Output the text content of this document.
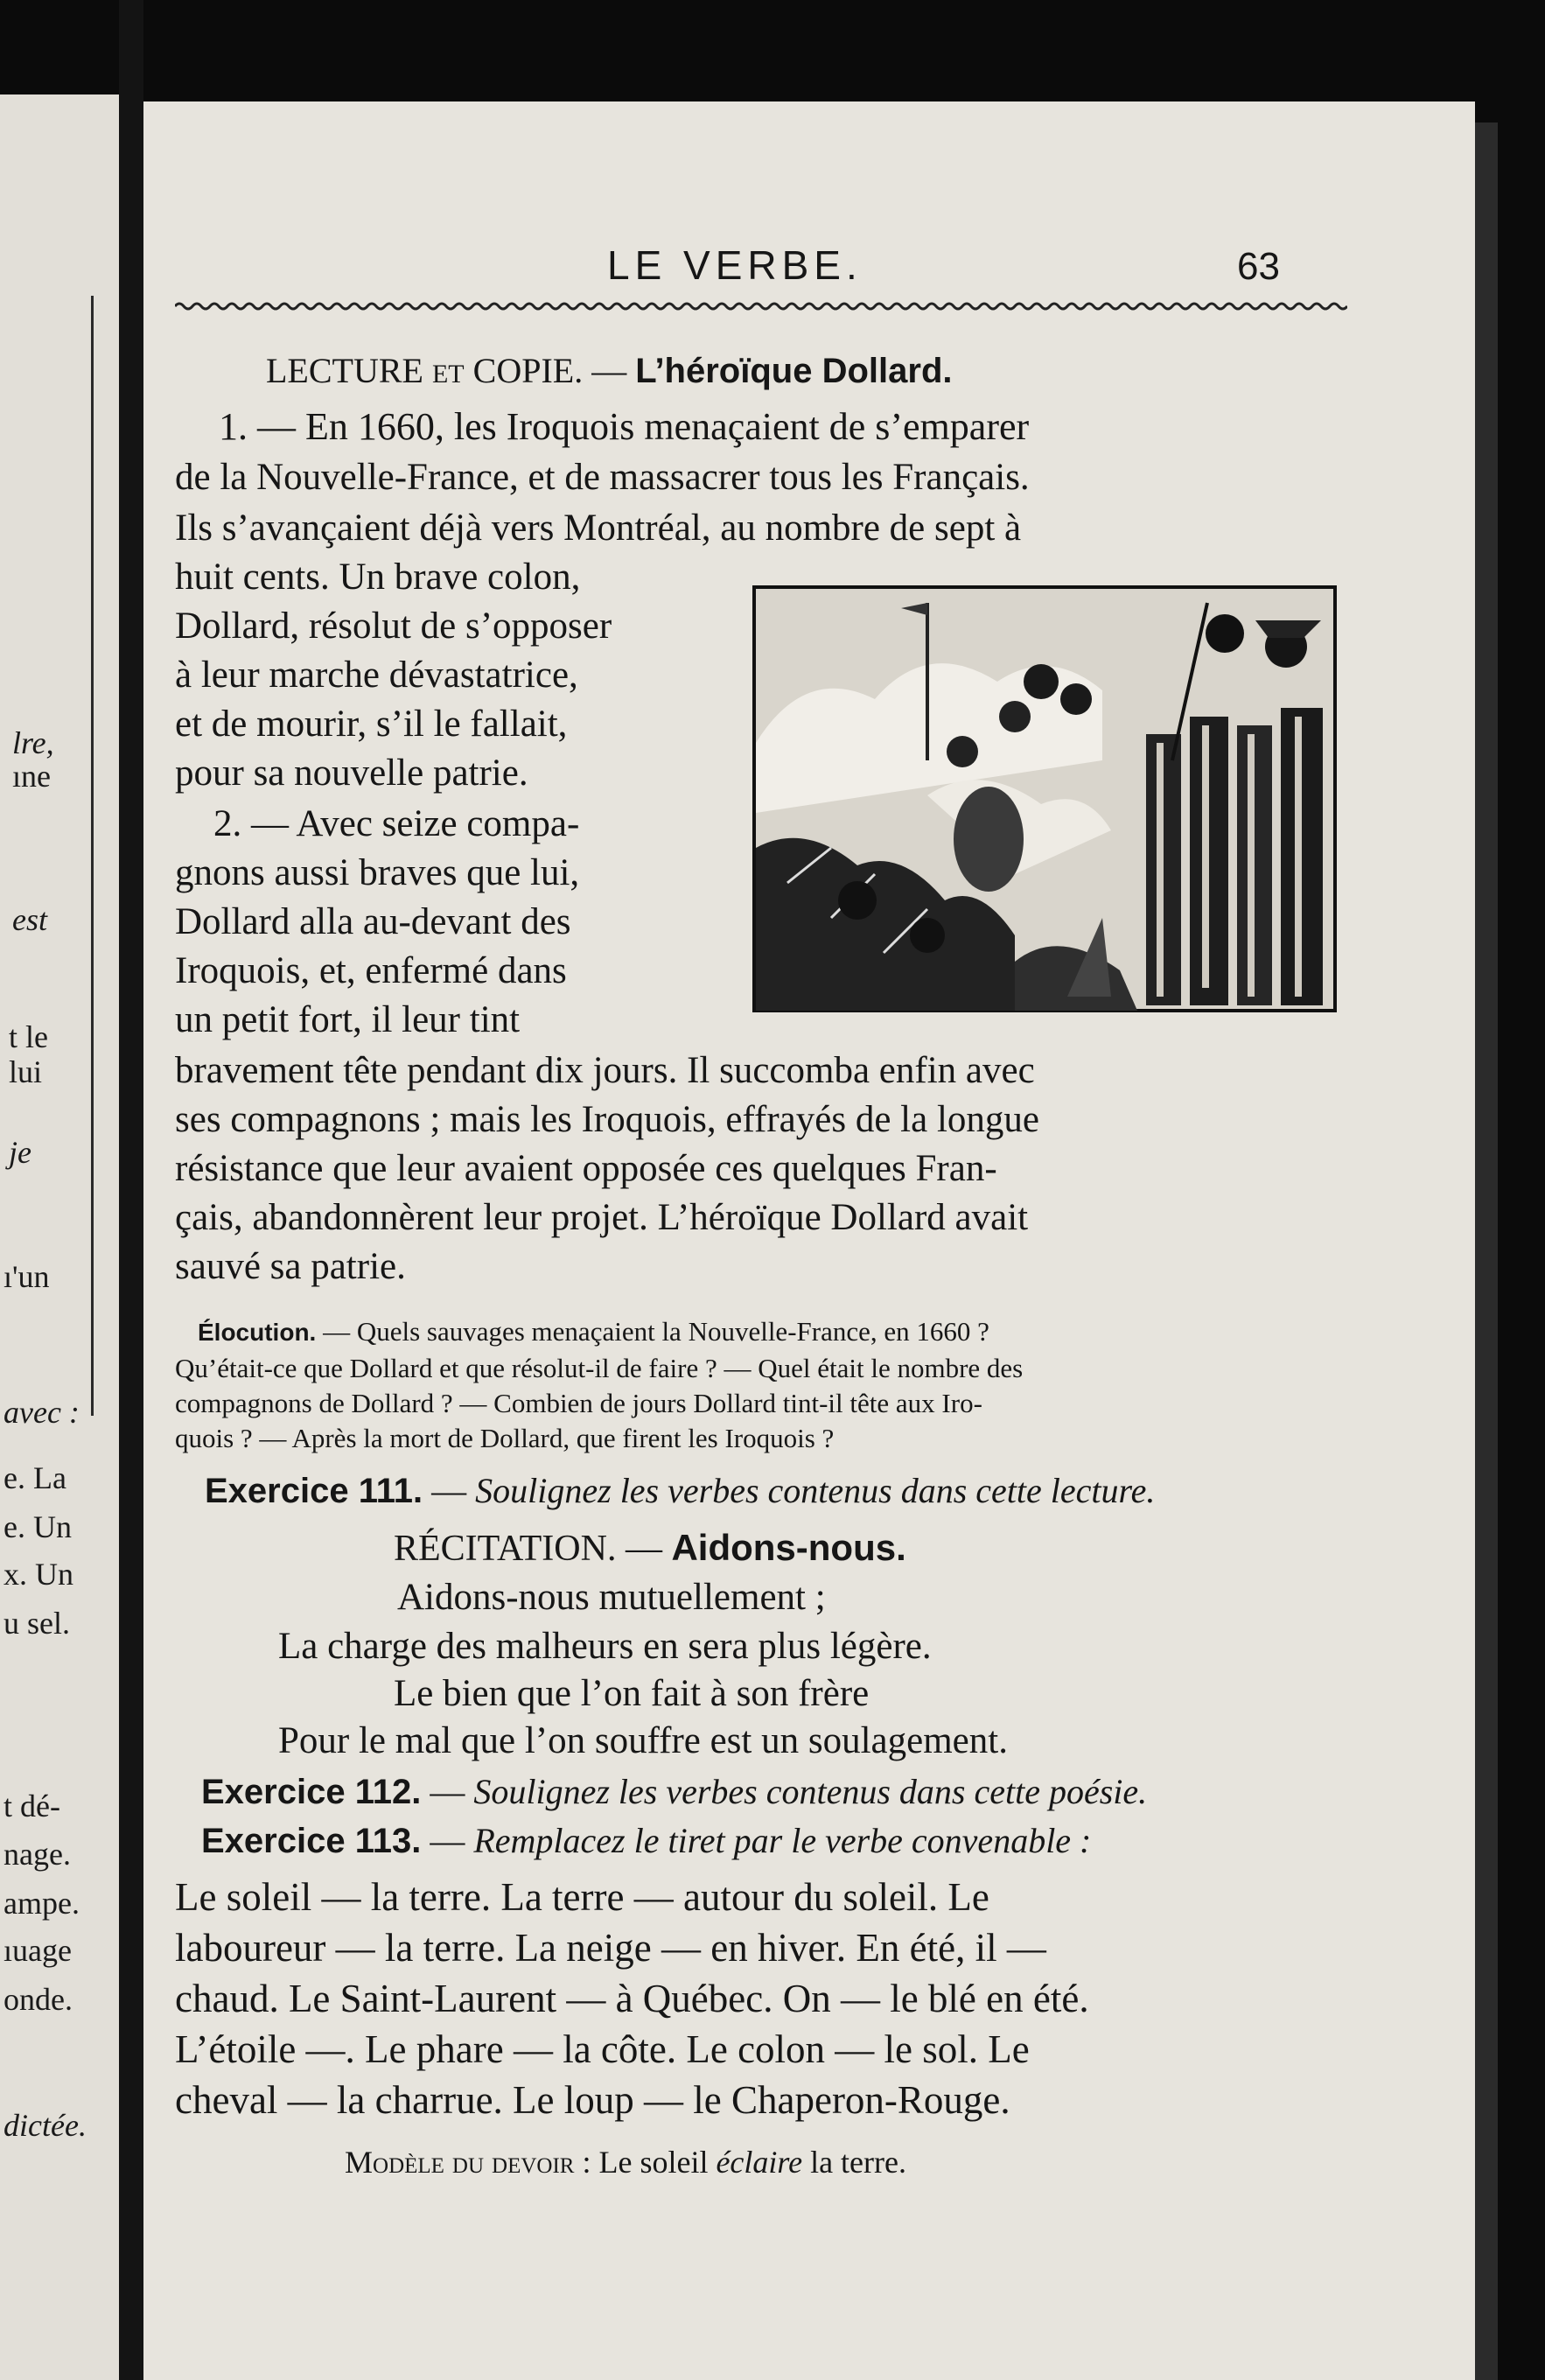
lre,
ıne
est
t le
lui
je
ı'un
avec :
e. La
e. Un
x. Un
u sel.
t dé-
nage.
ampe.
ıuage
onde.
dictée.
LE VERBE.	63
LECTURE ET COPIE. — L’héroïque Dollard.
1. — En 1660, les Iroquois menaçaient de s’emparer
de la Nouvelle-France, et de massacrer tous les Français.
Ils s’avançaient déjà vers Montréal, au nombre de sept à
huit cents. Un brave colon,
Dollard, résolut de s’opposer
à leur marche dévastatrice,
et de mourir, s’il le fallait,
pour sa nouvelle patrie.
2. — Avec seize compa-
gnons aussi braves que lui,
Dollard alla au-devant des
Iroquois, et, enfermé dans
un petit fort, il leur tint
bravement tête pendant dix jours. Il succomba enfin avec
ses compagnons ; mais les Iroquois, effrayés de la longue
résistance que leur avaient opposée ces quelques Fran-
çais, abandonnèrent leur projet. L’héroïque Dollard avait
sauvé sa patrie.
Élocution. — Quels sauvages menaçaient la Nouvelle-France, en 1660 ?
Qu’était-ce que Dollard et que résolut-il de faire ? — Quel était le nombre des
compagnons de Dollard ? — Combien de jours Dollard tint-il tête aux Iro-
quois ? — Après la mort de Dollard, que firent les Iroquois ?
Exercice 111. — Soulignez les verbes contenus dans cette lecture.
RÉCITATION. — Aidons-nous.
Aidons-nous mutuellement ;
La charge des malheurs en sera plus légère.
Le bien que l’on fait à son frère
Pour le mal que l’on souffre est un soulagement.
Exercice 112. — Soulignez les verbes contenus dans cette poésie.
Exercice 113. — Remplacez le tiret par le verbe convenable :
Le soleil — la terre. La terre — autour du soleil. Le
laboureur — la terre. La neige — en hiver. En été, il —
chaud. Le Saint-Laurent — à Québec. On — le blé en été.
L’étoile —. Le phare — la côte. Le colon — le sol. Le
cheval — la charrue. Le loup — le Chaperon-Rouge.
Modèle du devoir : Le soleil éclaire la terre.
